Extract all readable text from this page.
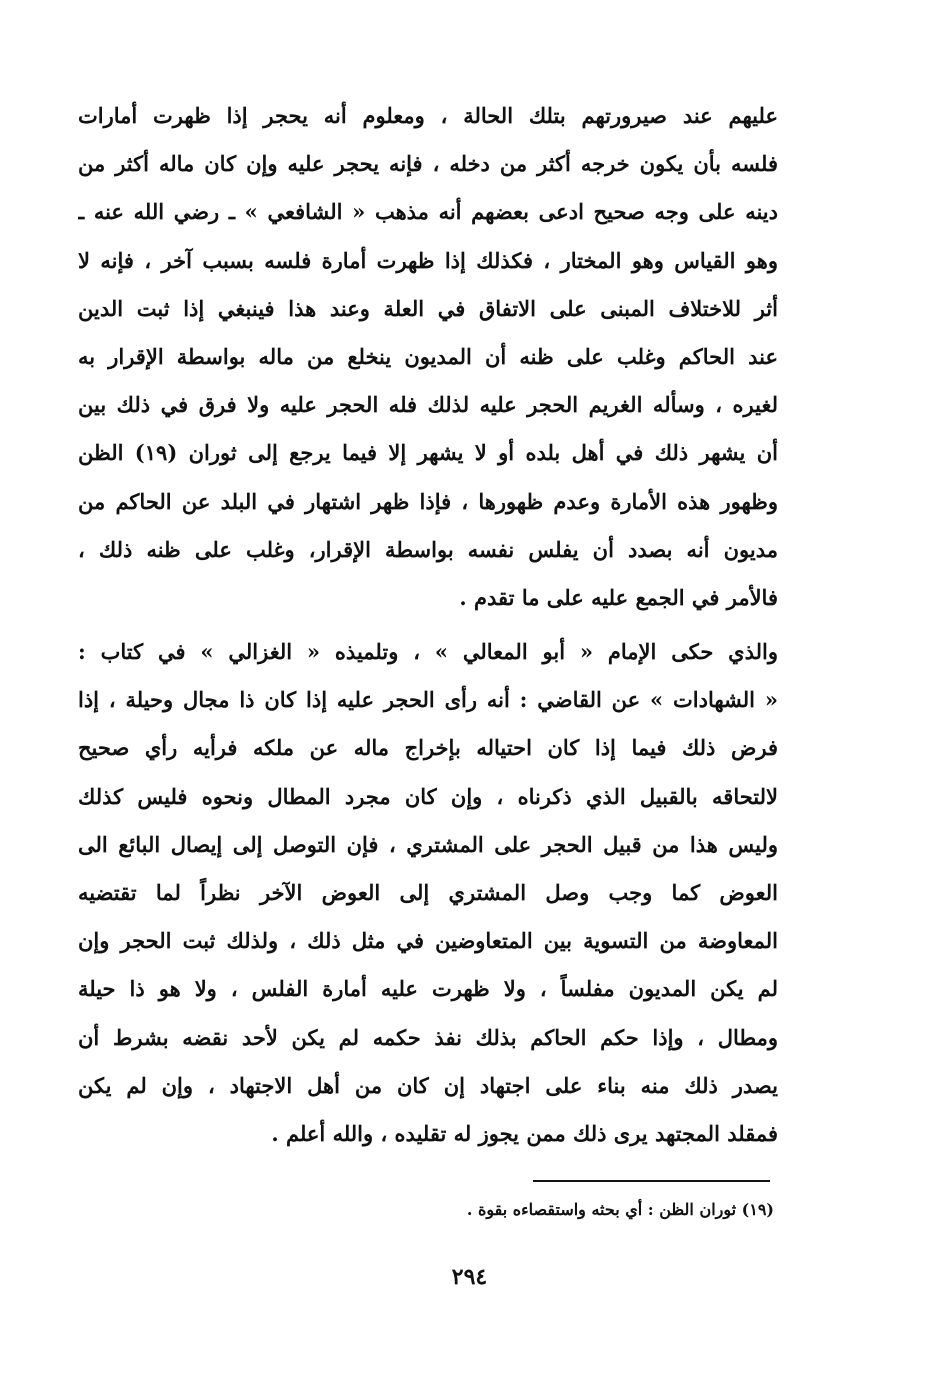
عليهم عند صيرورتهم بتلك الحالة ، ومعلوم أنه يحجر إذا ظهرت أمارات
فلسه بأن يكون خرجه أكثر من دخله ، فإنه يحجر عليه وإن كان ماله أكثر من
دينه على وجه صحيح ادعى بعضهم أنه مذهب « الشافعي » ـ رضي الله عنه ـ
وهو القياس وهو المختار ، فكذلك إذا ظهرت أمارة فلسه بسبب آخر ، فإنه لا
أثر للاختلاف المبنى على الاتفاق في العلة وعند هذا فينبغي إذا ثبت الدين
عند الحاكم وغلب على ظنه أن المديون ينخلع من ماله بواسطة الإقرار به
لغيره ، وسأله الغريم الحجر عليه لذلك فله الحجر عليه ولا فرق في ذلك بين
أن يشهر ذلك في أهل بلده أو لا يشهر إلا فيما يرجع إلى ثوران (١٩) الظن
وظهور هذه الأمارة وعدم ظهورها ، فإذا ظهر اشتهار في البلد عن الحاكم من
مديون أنه بصدد أن يفلس نفسه بواسطة الإقرار، وغلب على ظنه ذلك ،
فالأمر في الجمع عليه على ما تقدم .
والذي حكى الإمام « أبو المعالي » ، وتلميذه « الغزالي » في كتاب :
« الشهادات » عن القاضي : أنه رأى الحجر عليه إذا كان ذا مجال وحيلة ، إذا
فرض ذلك فيما إذا كان احتياله بإخراج ماله عن ملكه فرأيه رأي صحيح
لالتحاقه بالقبيل الذي ذكرناه ، وإن كان مجرد المطال ونحوه فليس كذلك
وليس هذا من قبيل الحجر على المشتري ، فإن التوصل إلى إيصال البائع الى
العوض كما وجب وصل المشتري إلى العوض الآخر نظراً لما تقتضيه
المعاوضة من التسوية بين المتعاوضين في مثل ذلك ، ولذلك ثبت الحجر وإن
لم يكن المديون مفلساً ، ولا ظهرت عليه أمارة الفلس ، ولا هو ذا حيلة
ومطال ، وإذا حكم الحاكم بذلك نفذ حكمه لم يكن لأحد نقضه بشرط أن
يصدر ذلك منه بناء على اجتهاد إن كان من أهل الاجتهاد ، وإن لم يكن
فمقلد المجتهد يرى ذلك ممن يجوز له تقليده ، والله أعلم .
(١٩) ثوران الظن : أي بحثه واستقصاءه بقوة .
٢٩٤
